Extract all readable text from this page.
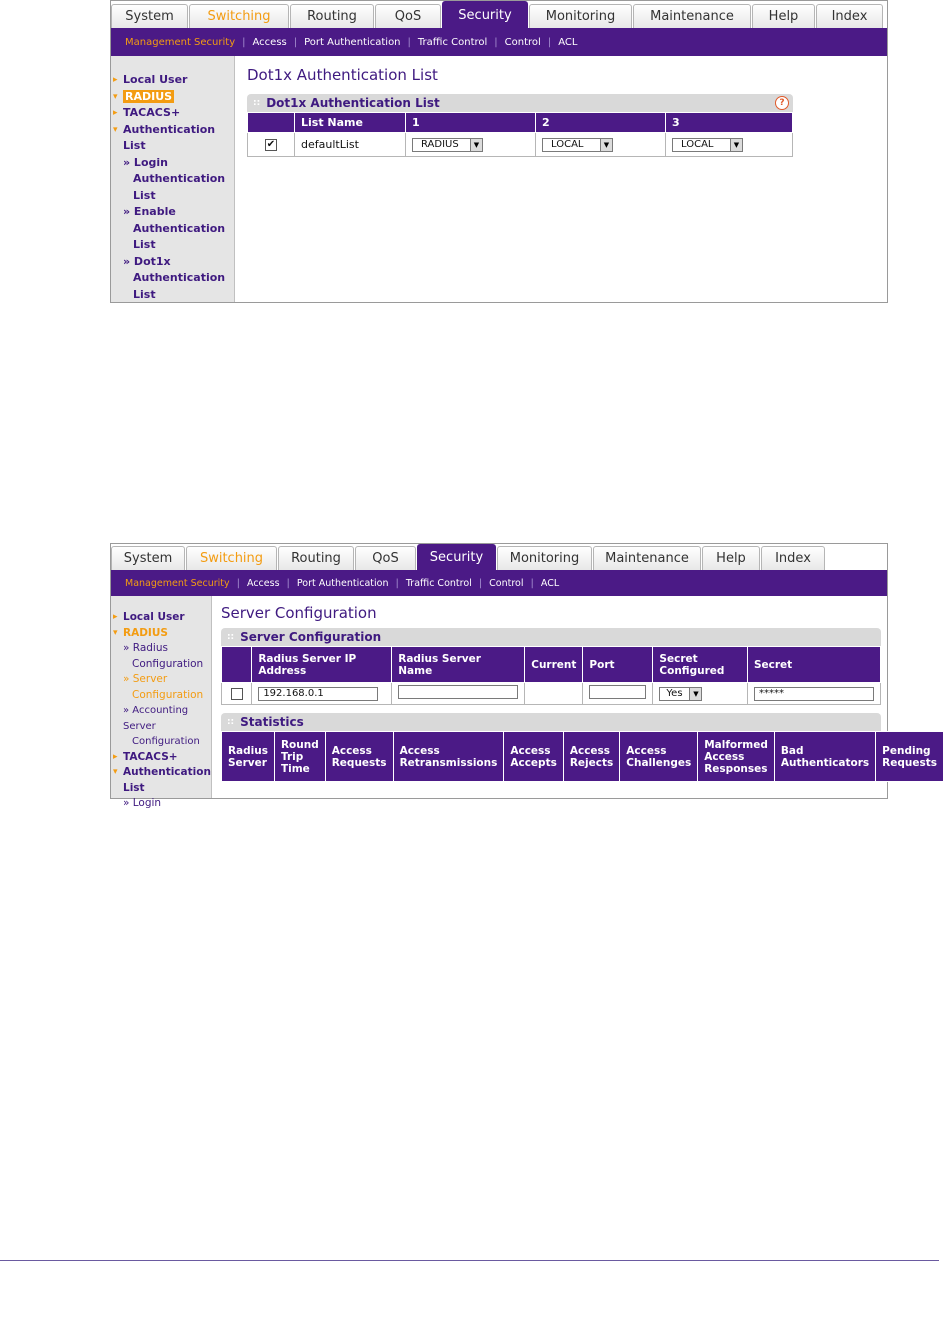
System	Switching	Routing	QoS	Security	Monitoring	Maintenance	Help	Index
Management Security | Access | Port Authentication | Traffic Control | Control | ACL
▸ Local User
▾ RADIUS
▸ TACACS+
▾ Authentication
List
» Login
Authentication
List
» Enable
Authentication
List
» Dot1x
Authentication
List
Dot1x Authentication List
:: Dot1x Authentication List	?
	List Name	1	2	3
✔	defaultList	RADIUS ▼	LOCAL ▼	LOCAL ▼
System	Switching	Routing	QoS	Security	Monitoring	Maintenance	Help	Index
Management Security | Access | Port Authentication | Traffic Control | Control | ACL
▸ Local User
▾ RADIUS
» Radius
Configuration
» Server
Configuration
» Accounting Server
Configuration
▸ TACACS+
▾ Authentication
List
» Login
Server Configuration
:: Server Configuration
	Radius Server IP Address	Radius Server Name	Current	Port	Secret Configured	Secret
	192.168.0.1				Yes ▼	*****
:: Statistics
Radius Server	Round Trip Time	Access Requests	Access Retransmissions	Access Accepts	Access Rejects	Access Challenges	Malformed Access Responses	Bad Authenticators	Pending Requests
